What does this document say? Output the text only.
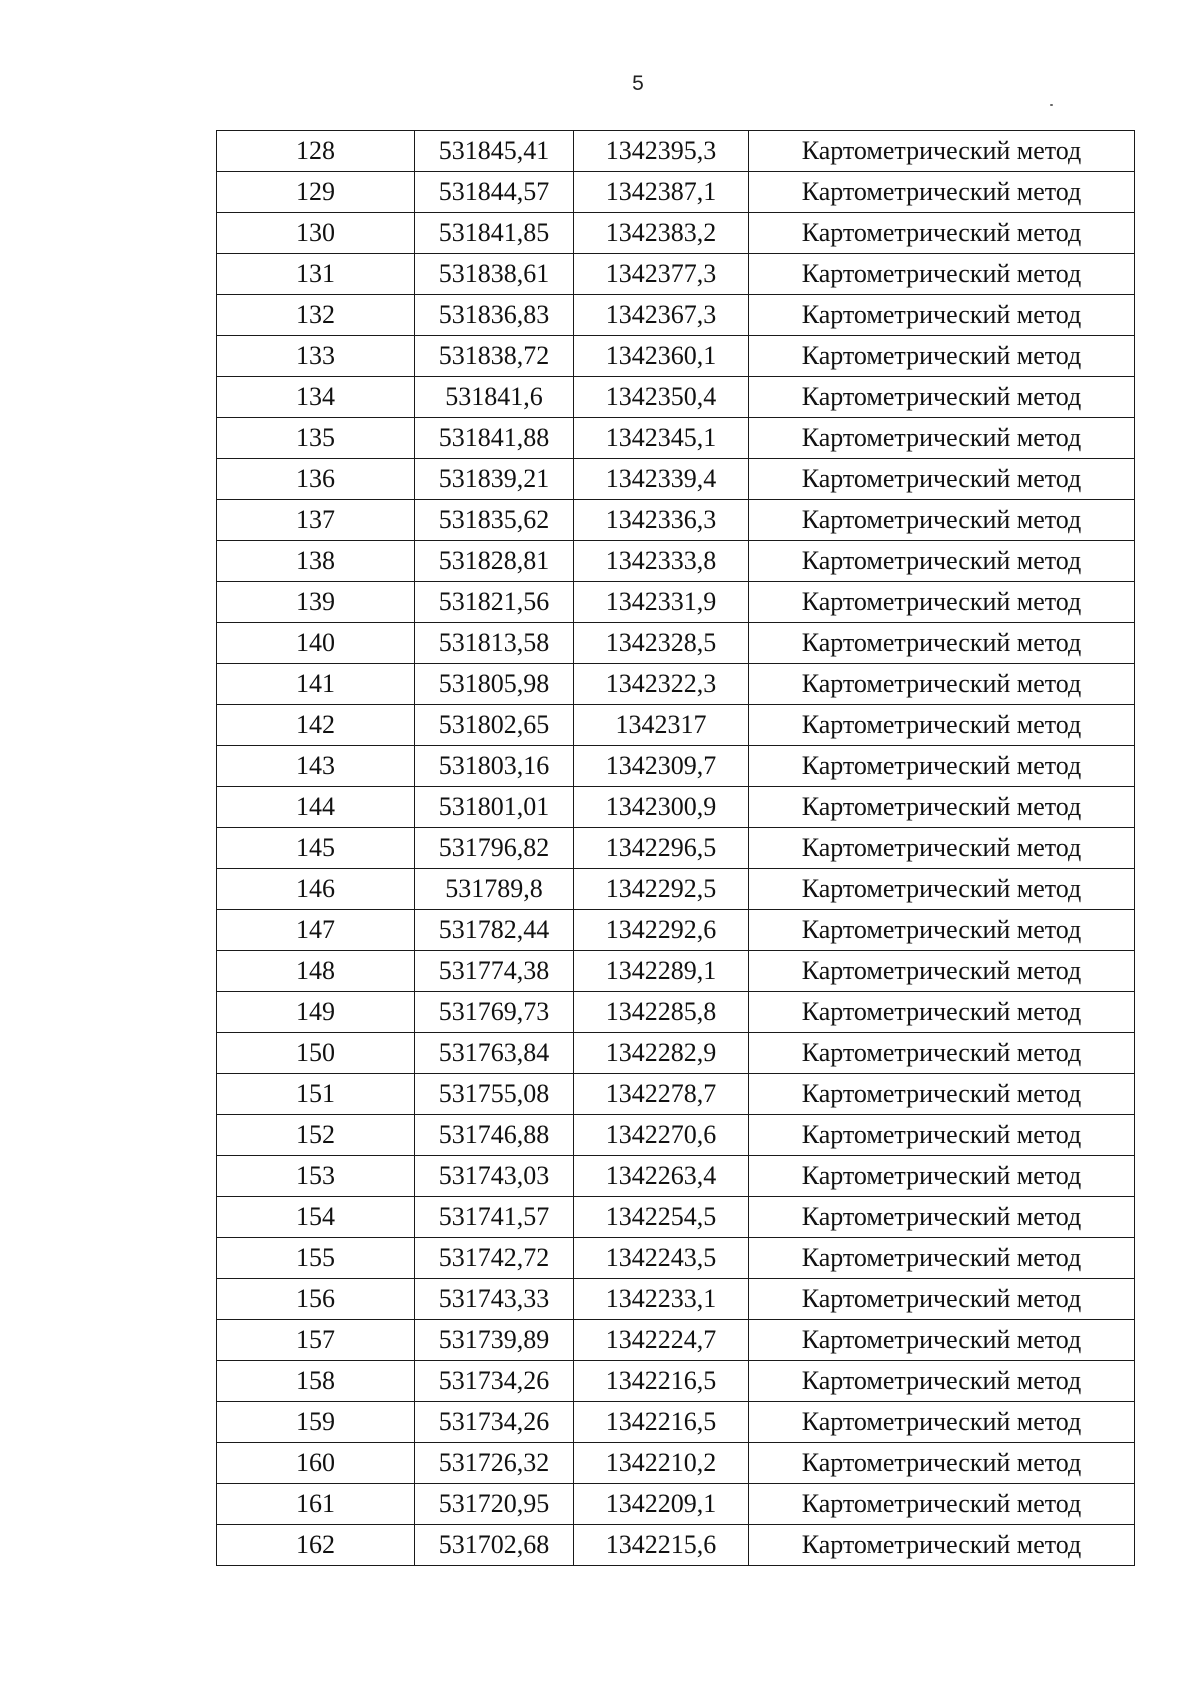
5
128	531845,41	1342395,3	Картометрический метод
129	531844,57	1342387,1	Картометрический метод
130	531841,85	1342383,2	Картометрический метод
131	531838,61	1342377,3	Картометрический метод
132	531836,83	1342367,3	Картометрический метод
133	531838,72	1342360,1	Картометрический метод
134	531841,6	1342350,4	Картометрический метод
135	531841,88	1342345,1	Картометрический метод
136	531839,21	1342339,4	Картометрический метод
137	531835,62	1342336,3	Картометрический метод
138	531828,81	1342333,8	Картометрический метод
139	531821,56	1342331,9	Картометрический метод
140	531813,58	1342328,5	Картометрический метод
141	531805,98	1342322,3	Картометрический метод
142	531802,65	1342317	Картометрический метод
143	531803,16	1342309,7	Картометрический метод
144	531801,01	1342300,9	Картометрический метод
145	531796,82	1342296,5	Картометрический метод
146	531789,8	1342292,5	Картометрический метод
147	531782,44	1342292,6	Картометрический метод
148	531774,38	1342289,1	Картометрический метод
149	531769,73	1342285,8	Картометрический метод
150	531763,84	1342282,9	Картометрический метод
151	531755,08	1342278,7	Картометрический метод
152	531746,88	1342270,6	Картометрический метод
153	531743,03	1342263,4	Картометрический метод
154	531741,57	1342254,5	Картометрический метод
155	531742,72	1342243,5	Картометрический метод
156	531743,33	1342233,1	Картометрический метод
157	531739,89	1342224,7	Картометрический метод
158	531734,26	1342216,5	Картометрический метод
159	531734,26	1342216,5	Картометрический метод
160	531726,32	1342210,2	Картометрический метод
161	531720,95	1342209,1	Картометрический метод
162	531702,68	1342215,6	Картометрический метод
